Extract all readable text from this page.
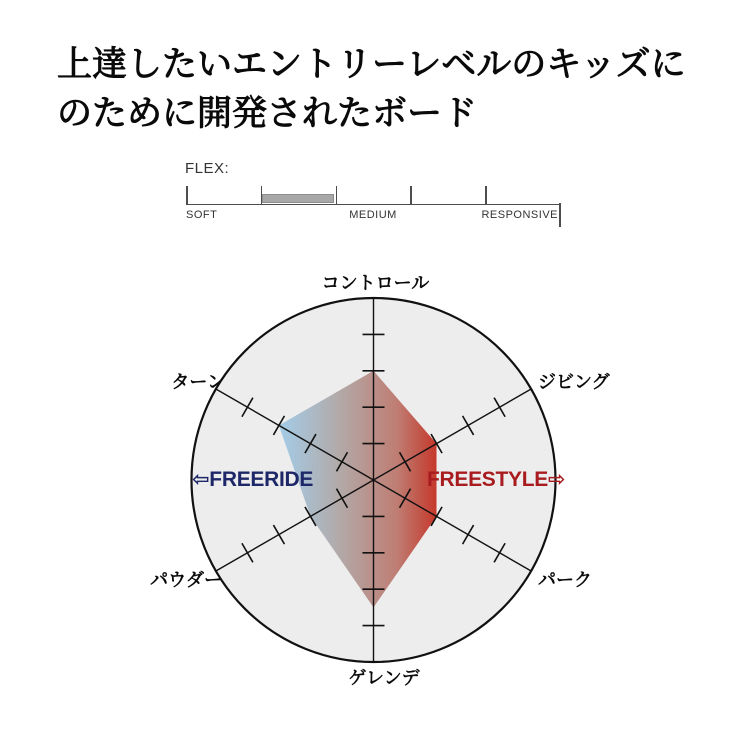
上達したいエントリーレベルのキッズに
のために開発されたボード
FLEX:
SOFT	MEDIUM	RESPONSIVE
コントロール
ジビング
パーク
ゲレンデ
パウダー
ターン
⇦FREERIDE	FREESTYLE⇨
